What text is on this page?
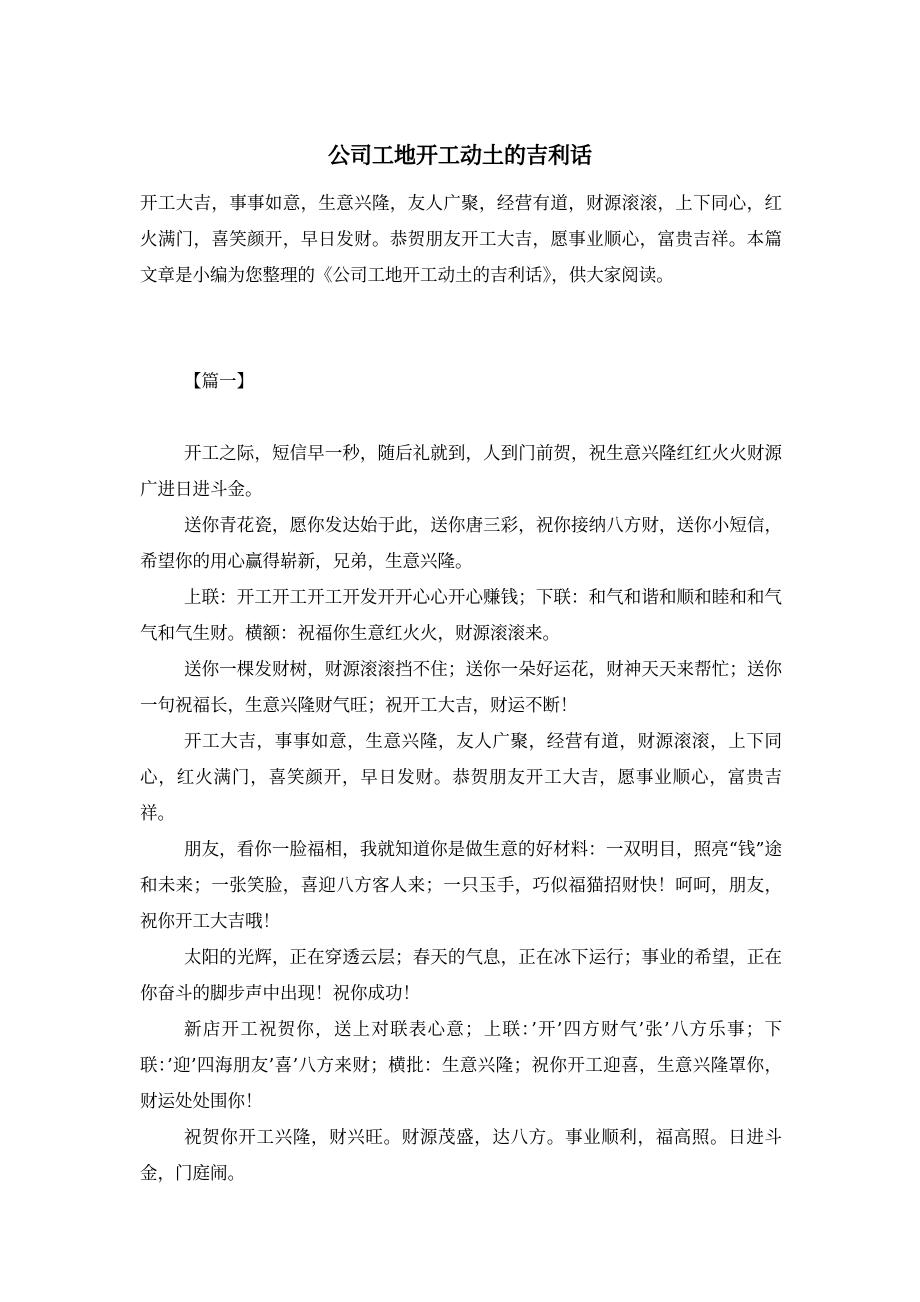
公司工地开工动土的吉利话

开工大吉，事事如意，生意兴隆，友人广聚，经营有道，财源滚滚，上下同心，红火满门，喜笑颜开，早日发财。恭贺朋友开工大吉，愿事业顺心，富贵吉祥。本篇文章是小编为您整理的《公司工地开工动土的吉利话》，供大家阅读。

【篇一】

开工之际，短信早一秒，随后礼就到，人到门前贺，祝生意兴隆红红火火财源广进日进斗金。

送你青花瓷，愿你发达始于此，送你唐三彩，祝你接纳八方财，送你小短信，希望你的用心赢得崭新，兄弟，生意兴隆。

上联：开工开工开工开发开开心心开心赚钱；下联：和气和谐和顺和睦和和气气和气生财。横额：祝福你生意红火火，财源滚滚来。

送你一棵发财树，财源滚滚挡不住；送你一朵好运花，财神天天来帮忙；送你一句祝福长，生意兴隆财气旺；祝开工大吉，财运不断！

开工大吉，事事如意，生意兴隆，友人广聚，经营有道，财源滚滚，上下同心，红火满门，喜笑颜开，早日发财。恭贺朋友开工大吉，愿事业顺心，富贵吉祥。

朋友，看你一脸福相，我就知道你是做生意的好材料：一双明目，照亮“钱”途和未来；一张笑脸，喜迎八方客人来；一只玉手，巧似福猫招财快！呵呵，朋友，祝你开工大吉哦！

太阳的光辉，正在穿透云层；春天的气息，正在冰下运行；事业的希望，正在你奋斗的脚步声中出现！祝你成功！

新店开工祝贺你，送上对联表心意；上联：’开’四方财气’张’八方乐事；下联：’迎’四海朋友’喜’八方来财；横批：生意兴隆；祝你开工迎喜，生意兴隆罩你，财运处处围你！

祝贺你开工兴隆，财兴旺。财源茂盛，达八方。事业顺利，福高照。日进斗金，门庭闹。
